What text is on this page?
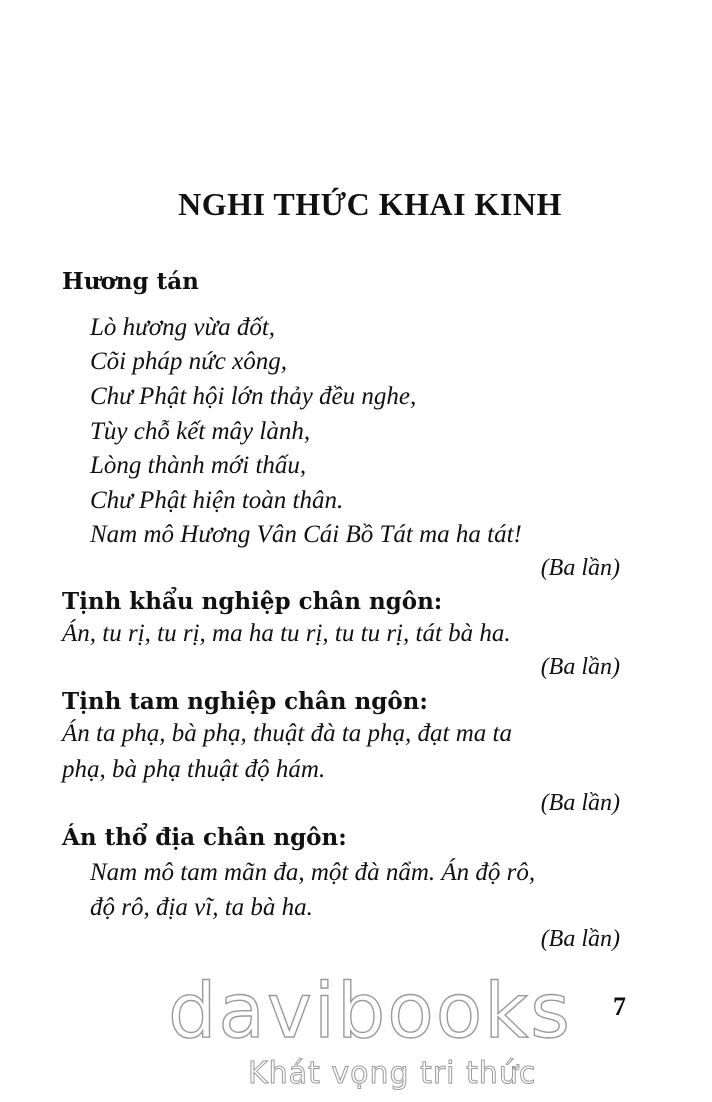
NGHI THỨC KHAI KINH
Hương tán
Lò hương vừa đốt,
Cõi pháp nức xông,
Chư Phật hội lớn thảy đều nghe,
Tùy chỗ kết mây lành,
Lòng thành mới thấu,
Chư Phật hiện toàn thân.
Nam mô Hương Vân Cái Bồ Tát ma ha tát!
(Ba lần)
Tịnh khẩu nghiệp chân ngôn:
Án, tu rị, tu rị, ma ha tu rị, tu tu rị, tát bà ha.
(Ba lần)
Tịnh tam nghiệp chân ngôn:
Án ta phạ, bà phạ, thuật đà ta phạ, đạt ma ta
phạ, bà phạ thuật độ hám.
(Ba lần)
Án thổ địa chân ngôn:
Nam mô tam mãn đa, một đà nẩm. Án độ rô,
độ rô, địa vĩ, ta bà ha.
(Ba lần)
7
davibooks
Khát vọng tri thức
